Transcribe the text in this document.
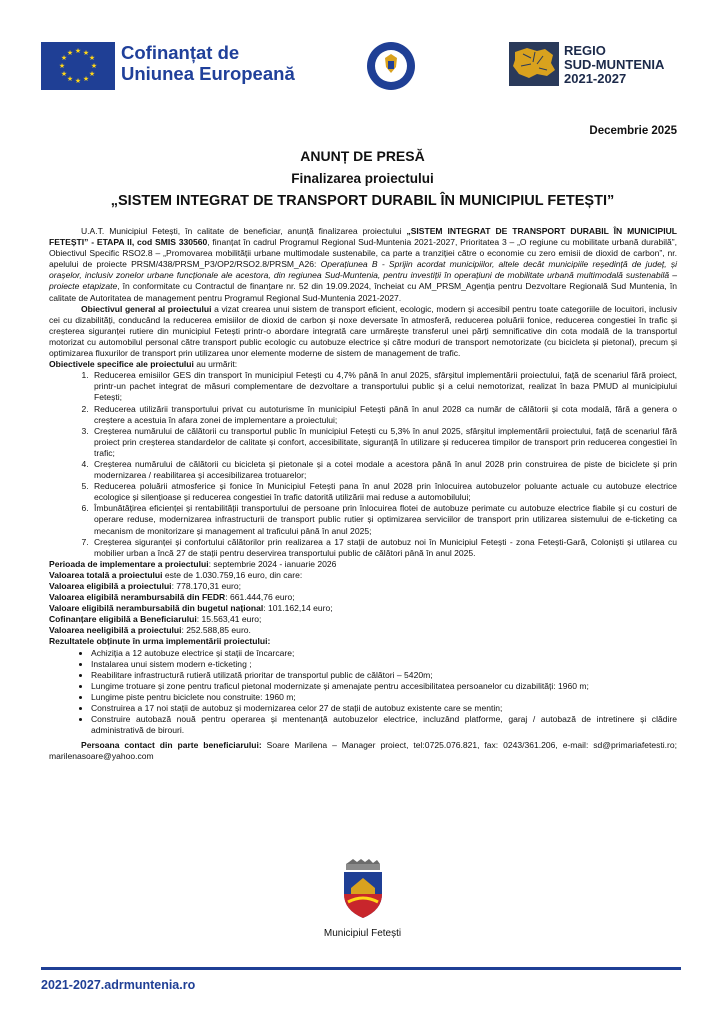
★ ★
★
★
★
★
★
★
★
★
★
★	Cofinanțat de
Uniunea Europeană
REGIO
SUD-MUNTENIA
2021-2027
Decembrie 2025

ANUNȚ DE PRESĂ

Finalizarea proiectului

„SISTEM INTEGRAT DE TRANSPORT DURABIL ÎN MUNICIPIUL FETEȘTI”

U.A.T. Municipiul Fetești, în calitate de beneficiar, anunță finalizarea proiectului „SISTEM INTEGRAT DE TRANSPORT DURABIL ÎN MUNICIPIUL FETEȘTI” - ETAPA II, cod SMIS 330560, finanțat în cadrul Programul Regional Sud-Muntenia 2021-2027, Prioritatea 3 – „O regiune cu mobilitate urbană durabilă”, Obiectivul Specific RSO2.8 – „Promovarea mobilității urbane multimodale sustenabile, ca parte a tranziției către o economie cu zero emisii de dioxid de carbon”, nr. apelului de proiecte PRSM/438/PRSM_P3/OP2/RSO2.8/PRSM_A26: Operațiunea B - Sprijin acordat municipiilor, altele decât municipiile reședință de județ, și orașelor, inclusiv zonelor urbane funcționale ale acestora, din regiunea Sud-Muntenia, pentru investiții în operațiuni de mobilitate urbană multimodală sustenabilă – proiecte etapizate, în conformitate cu Contractul de finanțare nr. 52 din 19.09.2024, încheiat cu AM_PRSM_Agenția pentru Dezvoltare Regională Sud Muntenia, în calitate de Autoritatea de management pentru Programul Regional Sud-Muntenia 2021-2027.

Obiectivul general al proiectului a vizat crearea unui sistem de transport eficient, ecologic, modern și accesibil pentru toate categoriile de locuitori, inclusiv cei cu dizabilități, conducând la reducerea emisiilor de dioxid de carbon și noxe deversate în atmosferă, reducerea poluării fonice, reducerea congestiei în trafic și creșterea siguranței rutiere din municipiul Fetești printr-o abordare integrată care urmărește transferul unei părți semnificative din cota modală de la transportul motorizat cu automobilul personal către transport public ecologic cu autobuze electrice și către moduri de transport nemotorizate (cu bicicleta și pietonal), precum și optimizarea fluxurilor de transport prin utilizarea unor elemente moderne de sistem de management de trafic.

Obiectivele specifice ale proiectului au urmărit:

1. Reducerea emisiilor GES din transport în municipiul Fetești cu 4,7% până în anul 2025, sfârșitul implementării proiectului, față de scenariul fără proiect, printr-un pachet integrat de măsuri complementare de dezvoltare a transportului public și a celui nemotorizat, realizat în baza PMUD al municipiului Fetești;
2. Reducerea utilizării transportului privat cu autoturisme în municipiul Fetești până în anul 2028 ca număr de călătorii și cota modală, fără a genera o creștere a acestuia în afara zonei de implementare a proiectului;
3. Creșterea numărului de călătorii cu transportul public în municipiul Fetești cu 5,3% în anul 2025, sfârșitul implementării proiectului, față de scenariul fără proiect prin creșterea standardelor de calitate și confort, accesibilitate, siguranță în utilizare și reducerea timpilor de transport prin reducerea congestiei în trafic;
4. Creșterea numărului de călătorii cu bicicleta și pietonale și a cotei modale a acestora până în anul 2028 prin construirea de piste de biciclete și prin modernizarea / reabilitarea și accesibilizarea trotuarelor;
5. Reducerea poluării atmosferice și fonice în Municipiul Fetești pana în anul 2028 prin înlocuirea autobuzelor poluante actuale cu autobuze electrice ecologice și silențioase și reducerea congestiei în trafic datorită utilizării mai reduse a automobilului;
6. Îmbunătățirea eficienței și rentabilității transportului de persoane prin înlocuirea flotei de autobuze perimate cu autobuze electrice fiabile și cu costuri de operare reduse, modernizarea infrastructurii de transport public rutier și optimizarea serviciilor de transport prin utilizarea sistemului de e-ticketing ca mecanism de monitorizare și management al traficului până în anul 2025;
7. Creșterea siguranței și confortului călătorilor prin realizarea a 17 stații de autobuz noi în Municipiul Fetești - zona Fetești-Gară, Coloniști și utilarea cu mobilier urban a încă 27 de stații pentru deservirea transportului public de călători până în anul 2025.

Perioada de implementare a proiectului: septembrie 2024 - ianuarie 2026

Valoarea totală a proiectului este de 1.030.759,16 euro, din care:

Valoarea eligibilă a proiectului: 778.170,31 euro;

Valoarea eligibilă nerambursabilă din FEDR: 661.444,76 euro;

Valoare eligibilă nerambursabilă din bugetul național: 101.162,14 euro;

Cofinanțare eligibilă a Beneficiarului: 15.563,41 euro;

Valoarea neeligibilă a proiectului: 252.588,85 euro.

Rezultatele obținute în urma implementării proiectului:

• Achiziția a 12 autobuze electrice și stații de încarcare;
• Instalarea unui sistem modern e-ticketing ;
• Reabilitare infrastructură rutieră utilizată prioritar de transportul public de călători – 5420m;
• Lungime trotuare și zone pentru traficul pietonal modernizate și amenajate pentru accesibilitatea persoanelor cu dizabilități: 1960 m;
• Lungime piste pentru biciclete nou construite: 1960 m;
• Construirea a 17 noi stații de autobuz și modernizarea celor 27 de stații de autobuz existente care se mentin;
• Construire autobază nouă pentru operarea și mentenanță autobuzelor electrice, incluzând platforme, garaj / autobază de intretinere și clădire administrativă de birouri.

Persoana contact din parte beneficiarului: Soare Marilena – Manager proiect, tel:0725.076.821, fax: 0243/361.206, e-mail: sd@primariafetesti.ro; marilenasoare@yahoo.com

Municipiul Fetești
2021-2027.adrmuntenia.ro
